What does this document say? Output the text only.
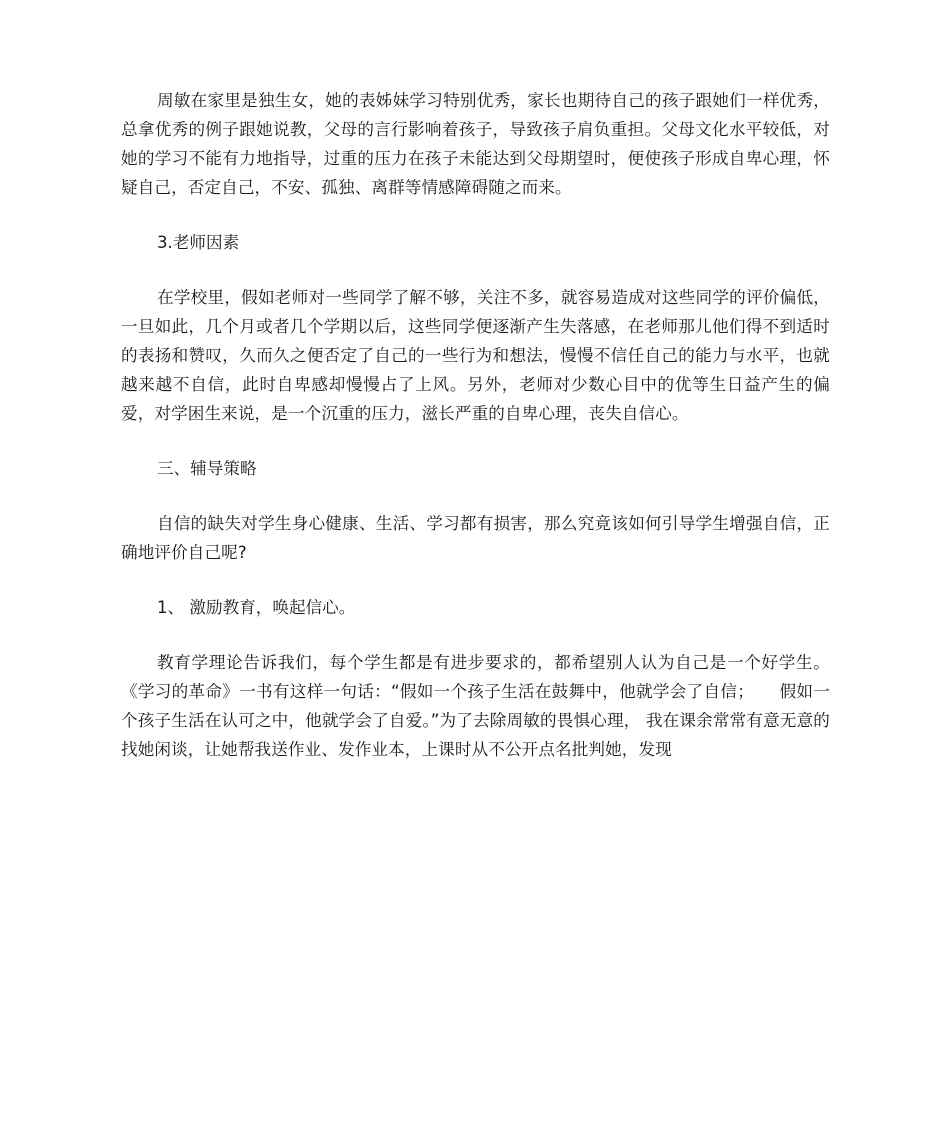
周敏在家里是独生女，她的表姊妹学习特别优秀，家长也期待自己的孩子跟她们一样优秀，总拿优秀的例子跟她说教，父母的言行影响着孩子，导致孩子肩负重担。父母文化水平较低，对她的学习不能有力地指导，过重的压力在孩子未能达到父母期望时，便使孩子形成自卑心理，怀疑自己，否定自己，不安、孤独、离群等情感障碍随之而来。

3.老师因素

在学校里，假如老师对一些同学了解不够，关注不多，就容易造成对这些同学的评价偏低，一旦如此，几个月或者几个学期以后，这些同学便逐渐产生失落感，在老师那儿他们得不到适时的表扬和赞叹，久而久之便否定了自己的一些行为和想法，慢慢不信任自己的能力与水平，也就越来越不自信，此时自卑感却慢慢占了上风。另外，老师对少数心目中的优等生日益产生的偏爱，对学困生来说，是一个沉重的压力，滋长严重的自卑心理，丧失自信心。

三、辅导策略

自信的缺失对学生身心健康、生活、学习都有损害，那么究竟该如何引导学生增强自信，正确地评价自己呢?

1、 激励教育，唤起信心。

教育学理论告诉我们，每个学生都是有进步要求的，都希望别人认为自己是一个好学生。《学习的革命》一书有这样一句话：“假如一个孩子生活在鼓舞中，他就学会了自信；　　假如一个孩子生活在认可之中，他就学会了自爱。”为了去除周敏的畏惧心理， 我在课余常常有意无意的找她闲谈，让她帮我送作业、发作业本，上课时从不公开点名批判她，发现
